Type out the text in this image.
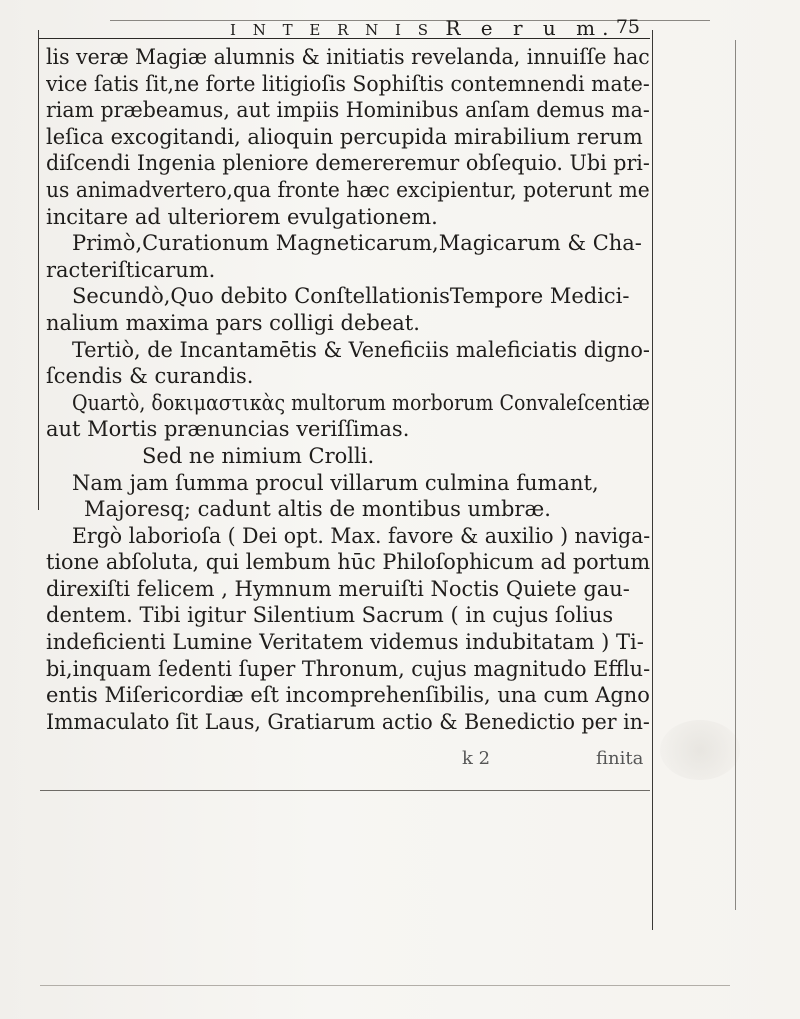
I N T E R N I S R e r u m. 75
lis veræ Magiæ alumnis & initiatis revelanda, innuiſſe hac
vice ſatis ſit,ne forte litigioſis Sophiſtis contemnendi mate-
riam præbeamus, aut impiis Hominibus anſam demus ma-
leſica excogitandi, alioquin percupida mirabilium rerum
diſcendi Ingenia pleniore demereremur obſequio. Ubi pri-
us animadvertero,qua fronte hæc excipientur, poterunt me
incitare ad ulteriorem evulgationem.
Primò,Curationum Magneticarum,Magicarum & Cha-
racteriſticarum.
Secundò,Quo debito ConſtellationisTempore Medici-
nalium maxima pars colligi debeat.
Tertiò, de Incantamētis & Veneficiis maleficiatis digno-
ſcendis & curandis.
Quartò, δοκιμαστικὰς multorum morborum Convaleſcentiæ
aut Mortis prænuncias veriſſimas.
Sed ne nimium Crolli.
Nam jam ſumma procul villarum culmina fumant,
Majoresq; cadunt altis de montibus umbræ.
Ergò laborioſa ( Dei opt. Max. favore & auxilio ) naviga-
tione abſoluta, qui lembum hūc Philoſophicum ad portum
direxiſti felicem , Hymnum meruiſti Noctis Quiete gau-
dentem. Tibi igitur Silentium Sacrum ( in cujus ſolius
indeficienti Lumine Veritatem videmus indubitatam ) Ti-
bi,inquam ſedenti ſuper Thronum, cujus magnitudo Efflu-
entis Miſericordiæ eſt incomprehenſibilis, una cum Agno
Immaculato ſit Laus, Gratiarum actio & Benedictio per in-
k 2	finita
